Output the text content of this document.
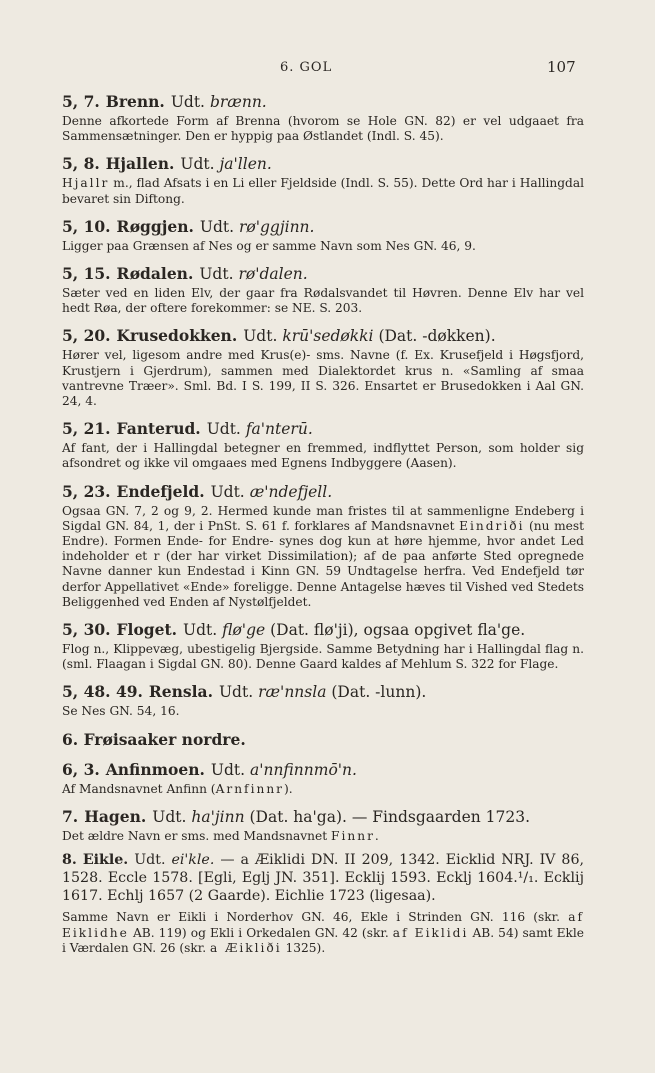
6. GOL	107
5, 7. Brenn. Udt. brænn.
Denne afkortede Form af Brenna (hvorom se Hole GN. 82) er vel udgaaet fra Sammensætninger. Den er hyppig paa Østlandet (Indl. S. 45).
5, 8. Hjallen. Udt. ja'llen.
Hjallr m., flad Afsats i en Li eller Fjeldside (Indl. S. 55). Dette Ord har i Hallingdal bevaret sin Diftong.
5, 10. Røggjen. Udt. rø'ggjinn.
Ligger paa Grænsen af Nes og er samme Navn som Nes GN. 46, 9.
5, 15. Rødalen. Udt. rø'dalen.
Sæter ved en liden Elv, der gaar fra Rødalsvandet til Høvren. Denne Elv har vel hedt Røa, der oftere forekommer: se NE. S. 203.
5, 20. Krusedokken. Udt. krū'sedøkki (Dat. -døkken).
Hører vel, ligesom andre med Krus(e)- sms. Navne (f. Ex. Krusefjeld i Høgsfjord, Krustjern i Gjerdrum), sammen med Dialektordet krus n. «Samling af smaa vantrevne Træer». Sml. Bd. I S. 199, II S. 326. Ensartet er Brusedokken i Aal GN. 24, 4.
5, 21. Fanterud. Udt. fa'nterū.
Af fant, der i Hallingdal betegner en fremmed, indflyttet Person, som holder sig afsondret og ikke vil omgaaes med Egnens Indbyggere (Aasen).
5, 23. Endefjeld. Udt. æ'ndefjell.
Ogsaa GN. 7, 2 og 9, 2. Hermed kunde man fristes til at sammenligne Endeberg i Sigdal GN. 84, 1, der i PnSt. S. 61 f. forklares af Mandsnavnet Eindriði (nu mest Endre). Formen Ende- for Endre- synes dog kun at høre hjemme, hvor andet Led indeholder et r (der har virket Dissimilation); af de paa anførte Sted opregnede Navne danner kun Endestad i Kinn GN. 59 Undtagelse herfra. Ved Endefjeld tør derfor Appellativet «Ende» foreligge. Denne Antagelse hæves til Vished ved Stedets Beliggenhed ved Enden af Nystølfjeldet.
5, 30. Floget. Udt. flø'ge (Dat. flø'ji), ogsaa opgivet fla'ge.
Flog n., Klippevæg, ubestigelig Bjergside. Samme Betydning har i Hallingdal flag n. (sml. Flaagan i Sigdal GN. 80). Denne Gaard kaldes af Mehlum S. 322 for Flage.
5, 48. 49. Rensla. Udt. ræ'nnsla (Dat. -lunn).
Se Nes GN. 54, 16.
6. Frøisaaker nordre.
6, 3. Anfinmoen. Udt. a'nnfinnmō'n.
Af Mandsnavnet Anfinn (Arnfinnr).
7. Hagen. Udt. ha'jinn (Dat. ha'ga). — Findsgaarden 1723.
Det ældre Navn er sms. med Mandsnavnet Finnr.
8. Eikle. Udt. ei'kle. — a Æiklidi DN. II 209, 1342. Eicklid NRJ. IV 86, 1528. Eccle 1578. [Egli, Eglj JN. 351]. Ecklij 1593. Ecklj 1604.¹/₁. Ecklij 1617. Echlj 1657 (2 Gaarde). Eichlie 1723 (ligesaa).
Samme Navn er Eikli i Norderhov GN. 46, Ekle i Strinden GN. 116 (skr. af Eiklidhe AB. 119) og Ekli i Orkedalen GN. 42 (skr. af Eiklidi AB. 54) samt Ekle i Værdalen GN. 26 (skr. a Æikliði 1325).
